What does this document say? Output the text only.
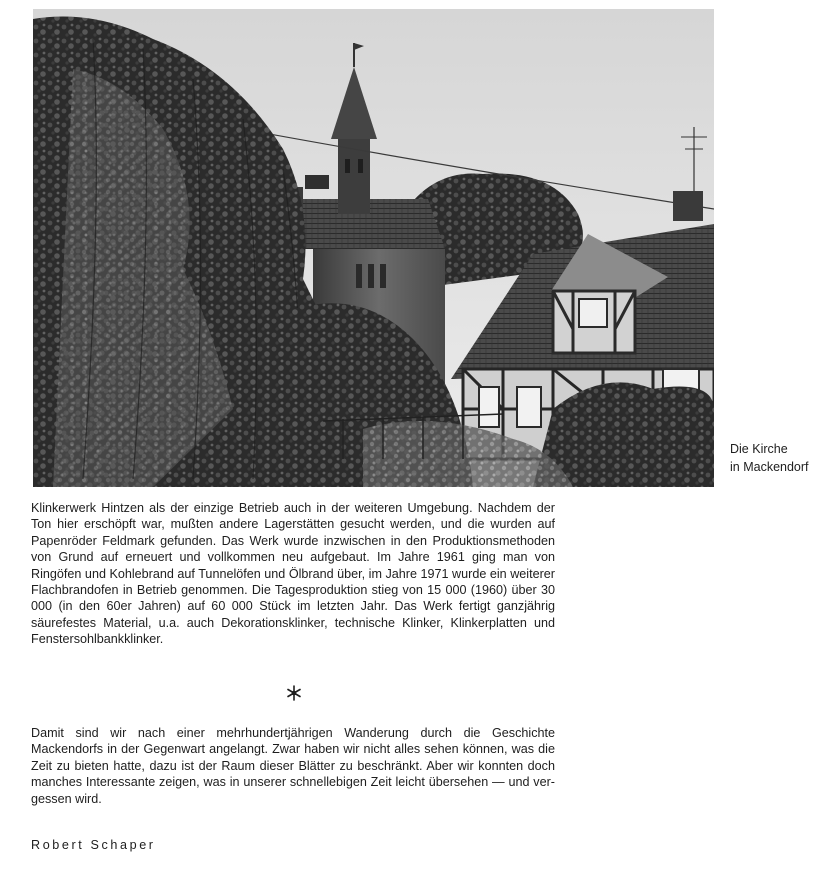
Die Kirche
in Mackendorf

Klinkerwerk Hintzen als der einzige Betrieb auch in der weiteren Umgebung. Nachdem der Ton hier erschöpft war, mußten andere Lagerstätten gesucht werden, und die wurden auf Papenröder Feldmark gefunden. Das Werk wurde inzwischen in den Produktionsmethoden von Grund auf erneuert und vollkommen neu aufgebaut. Im Jahre 1961 ging man von Ringöfen und Kohlebrand auf Tunnelöfen und Ölbrand über, im Jahre 1971 wurde ein weiterer Flachbrandofen in Betrieb genommen. Die Tagesproduktion stieg von 15 000 (1960) über 30 000 (in den 60er Jahren) auf 60 000 Stück im letzten Jahr. Das Werk fertigt ganzjährig säurefestes Material, u.a. auch Dekorationsklinker, technische Klinker, Klinkerplatten und Fenstersohlbankklinker.

Damit sind wir nach einer mehrhundertjährigen Wanderung durch die Geschichte Mackendorfs in der Gegenwart angelangt. Zwar haben wir nicht alles sehen können, was die Zeit zu bieten hatte, dazu ist der Raum dieser Blätter zu beschränkt. Aber wir konnten doch manches Interessante zeigen, was in unserer schnellebigen Zeit leicht übersehen — und vergessen wird.

Robert Schaper
